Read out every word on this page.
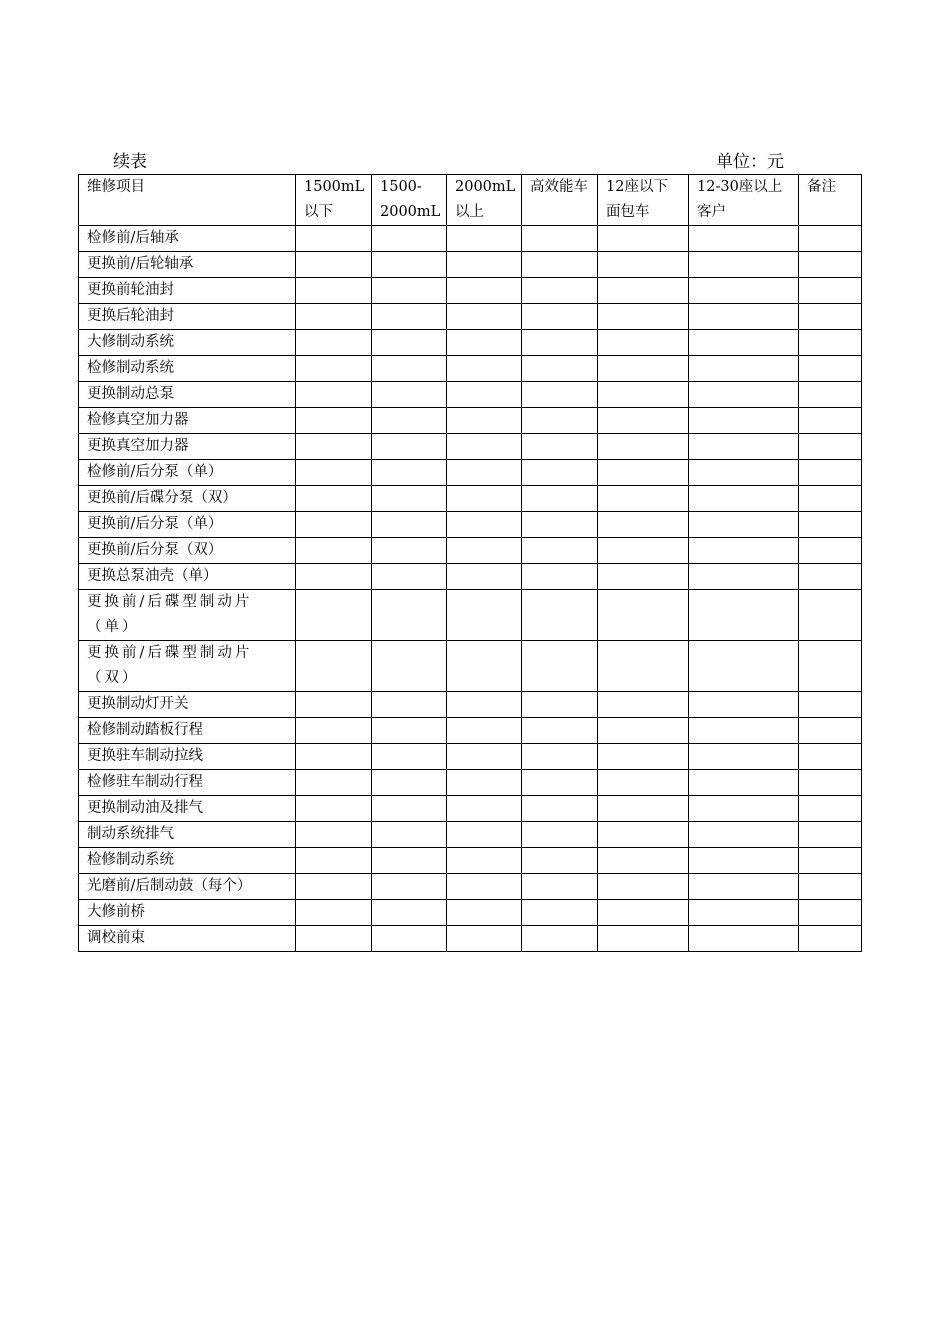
续表	单位：元
维修项目	1500mL以下	1500-2000mL	2000mL以上	高效能车	12座以下面包车	12-30座以上客户	备注
检修前/后轴承							
更换前/后轮轴承							
更换前轮油封							
更换后轮油封							
大修制动系统							
检修制动系统							
更换制动总泵							
检修真空加力器							
更换真空加力器							
检修前/后分泵（单）							
更换前/后碟分泵（双）							
更换前/后分泵（单）							
更换前/后分泵（双）							
更换总泵油壳（单）							
更换前/后碟型制动片（单）							
更换前/后碟型制动片（双）							
更换制动灯开关							
检修制动踏板行程							
更换驻车制动拉线							
检修驻车制动行程							
更换制动油及排气							
制动系统排气							
检修制动系统							
光磨前/后制动鼓（每个）							
大修前桥							
调校前束							
